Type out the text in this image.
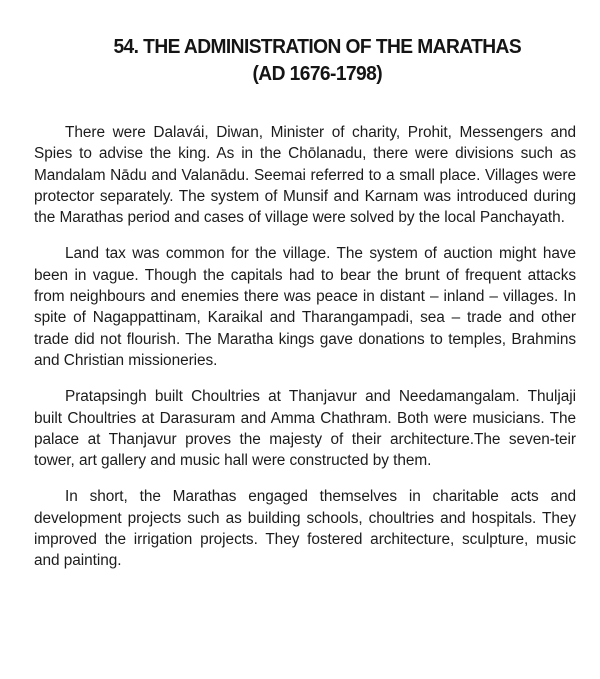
54. THE ADMINISTRATION OF THE MARATHAS
(AD 1676-1798)

There were Dalavái, Diwan, Minister of charity, Prohit, Messengers and Spies to advise the king. As in the Chōlanadu, there were divisions such as Mandalam Nādu and Valanādu. Seemai referred to a small place. Villages were protector separately. The system of Munsif and Karnam was introduced during the Marathas period and cases of village were solved by the local Panchayath.

Land tax was common for the village. The system of auction might have been in vague. Though the capitals had to bear the brunt of frequent attacks from neighbours and enemies there was peace in distant – inland – villages. In spite of Nagappattinam, Karaikal and Tharangampadi, sea – trade and other trade did not flourish. The Maratha kings gave donations to temples, Brahmins and Christian missioneries.

Pratapsingh built Choultries at Thanjavur and Needamangalam. Thuljaji built Choultries at Darasuram and Amma Chathram. Both were musicians. The palace at Thanjavur proves the majesty of their architecture.The seven-teir tower, art gallery and music hall were constructed by them.

In short, the Marathas engaged themselves in charitable acts and development projects such as building schools, choultries and hospitals. They improved the irrigation projects. They fostered architecture, sculpture, music and painting.
